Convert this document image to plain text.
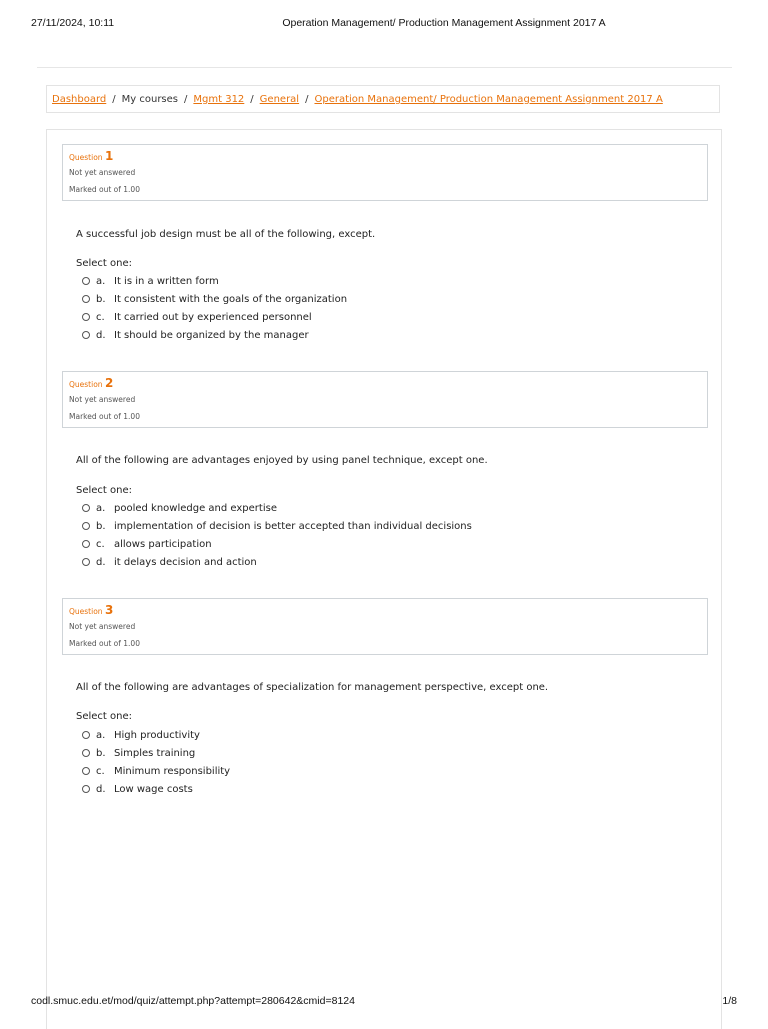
27/11/2024, 10:11	Operation Management/ Production Management Assignment 2017 A
Dashboard / My courses / Mgmt 312 / General / Operation Management/ Production Management Assignment 2017 A
Question 1
Not yet answered
Marked out of 1.00
A successful job design must be all of the following, except.
Select one:
a. It is in a written form
b. It consistent with the goals of the organization
c. It carried out by experienced personnel
d. It should be organized by the manager
Question 2
Not yet answered
Marked out of 1.00
All of the following are advantages enjoyed by using panel technique, except one.
Select one:
a. pooled knowledge and expertise
b. implementation of decision is better accepted than individual decisions
c. allows participation
d. it delays decision and action
Question 3
Not yet answered
Marked out of 1.00
All of the following are advantages of specialization for management perspective, except one.
Select one:
a. High productivity
b. Simples training
c. Minimum responsibility
d. Low wage costs
codl.smuc.edu.et/mod/quiz/attempt.php?attempt=280642&cmid=8124	1/8
